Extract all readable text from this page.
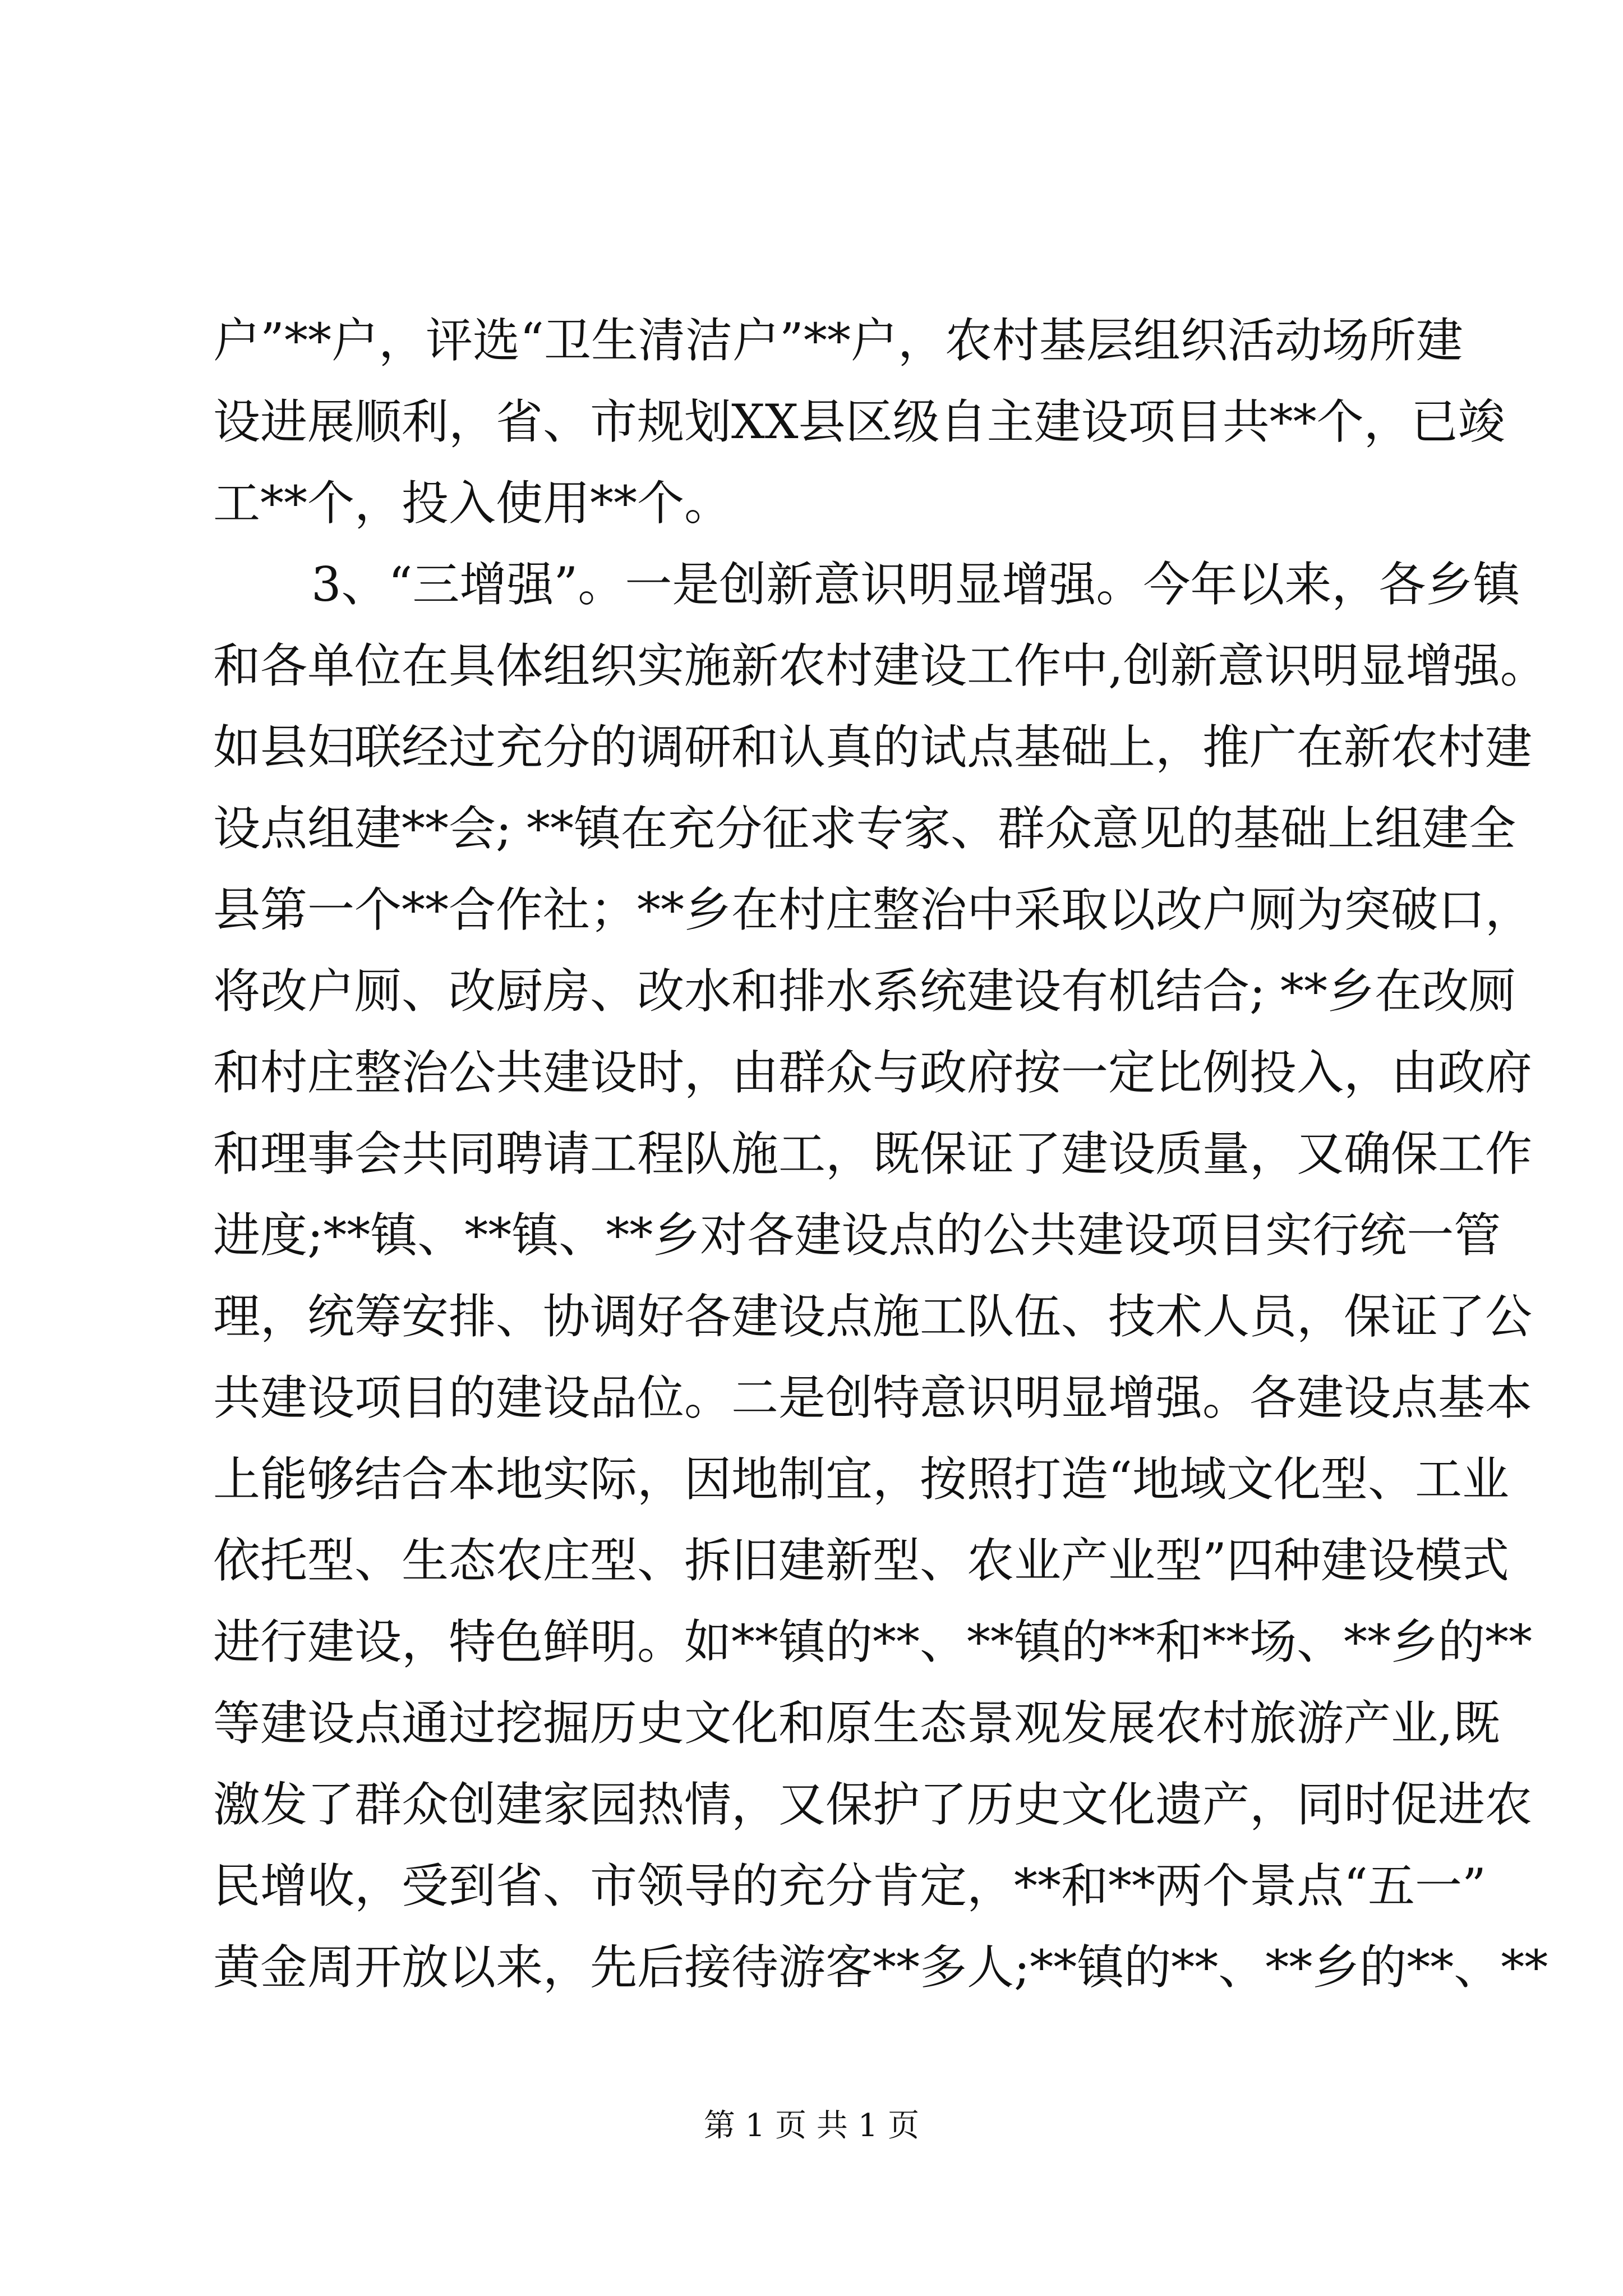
户”**户，评选“卫生清洁户”**户，农村基层组织活动场所建
设进展顺利，省、市规划XX县区级自主建设项目共**个，已竣
工**个，投入使用**个。
3、“三增强”。一是创新意识明显增强。今年以来，各乡镇
和各单位在具体组织实施新农村建设工作中,创新意识明显增强。
如县妇联经过充分的调研和认真的试点基础上，推广在新农村建
设点组建**会; **镇在充分征求专家、群众意见的基础上组建全
县第一个**合作社；**乡在村庄整治中采取以改户厕为突破口，
将改户厕、改厨房、改水和排水系统建设有机结合; **乡在改厕
和村庄整治公共建设时，由群众与政府按一定比例投入，由政府
和理事会共同聘请工程队施工，既保证了建设质量，又确保工作
进度;**镇、**镇、**乡对各建设点的公共建设项目实行统一管
理，统筹安排、协调好各建设点施工队伍、技术人员，保证了公
共建设项目的建设品位。二是创特意识明显增强。各建设点基本
上能够结合本地实际，因地制宜，按照打造“地域文化型、工业
依托型、生态农庄型、拆旧建新型、农业产业型”四种建设模式
进行建设，特色鲜明。如**镇的**、**镇的**和**场、**乡的**
等建设点通过挖掘历史文化和原生态景观发展农村旅游产业,既
激发了群众创建家园热情，又保护了历史文化遗产，同时促进农
民增收，受到省、市领导的充分肯定，**和**两个景点“五一”
黄金周开放以来，先后接待游客**多人;**镇的**、**乡的**、**
第 1 页 共 1 页
